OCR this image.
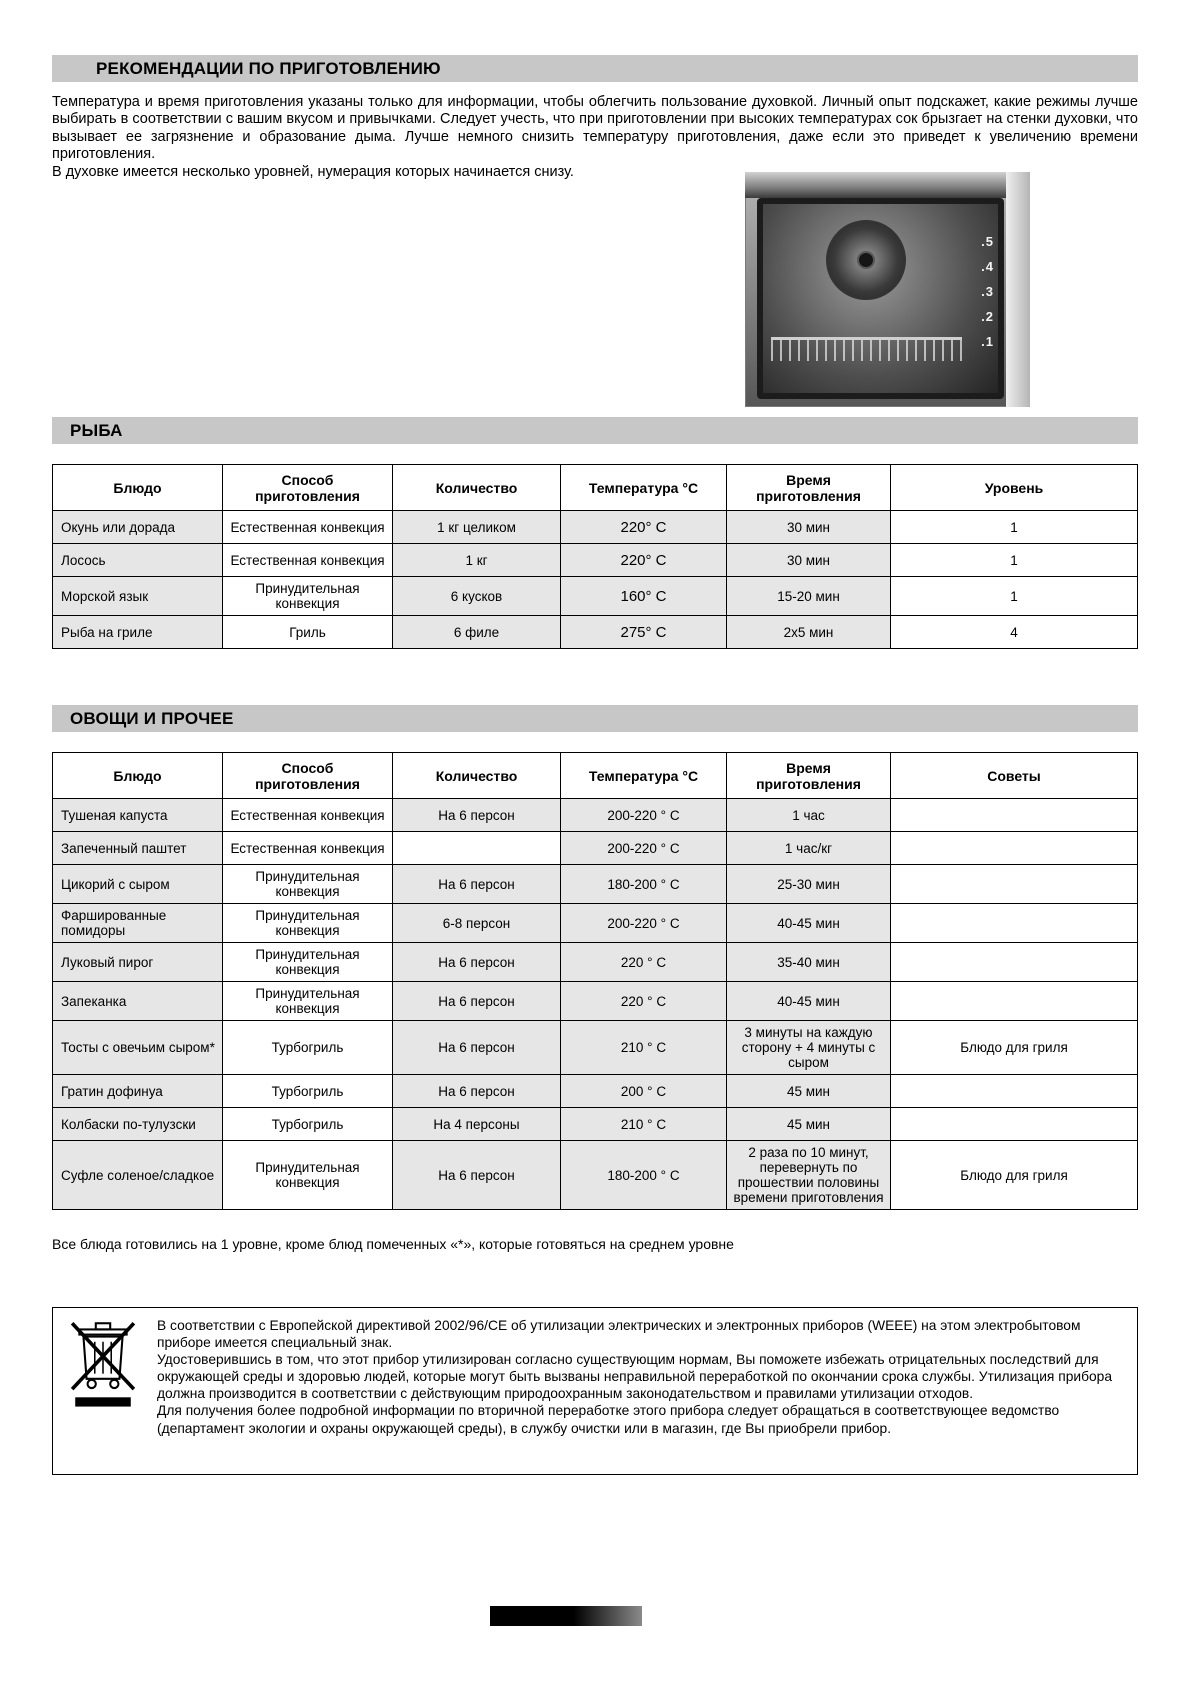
РЕКОМЕНДАЦИИ ПО ПРИГОТОВЛЕНИЮ

Температура и время приготовления указаны только для информации, чтобы облегчить пользование духовкой. Личный опыт подскажет, какие режимы лучше выбирать в соответствии с вашим вкусом и привычками. Следует учесть, что при приготовлении при высоких температурах сок брызгает на стенки духовки, что вызывает ее загрязнение и образование дыма. Лучше немного снизить температуру приготовления, даже если это приведет к увеличению времени приготовления.

В духовке имеется несколько уровней, нумерация которых начинается снизу.

. 5
. 4
. 3
. 2
. 1
РЫБА
Блюдо	Способ приготовления	Количество	Температура °C	Время приготовления	Уровень
Окунь или дорада	Естественная конвекция	1 кг целиком	220° C	30 мин	1
Лосось	Естественная конвекция	1 кг	220° C	30 мин	1
Морской язык	Принудительная конвекция	6 кусков	160° C	15-20 мин	1
Рыба на гриле	Гриль	6 филе	275° C	2х5 мин	4
ОВОЩИ И ПРОЧЕЕ
Блюдо	Способ приготовления	Количество	Температура °C	Время приготовления	Советы
Тушеная капуста	Естественная конвекция	На 6 персон	200-220 ° C	1 час	
Запеченный паштет	Естественная конвекция		200-220 ° C	1 час/кг	
Цикорий с сыром	Принудительная конвекция	На 6 персон	180-200 ° C	25-30 мин	
Фаршированные помидоры	Принудительная конвекция	6-8 персон	200-220 ° C	40-45 мин	
Луковый пирог	Принудительная конвекция	На 6 персон	220 ° C	35-40 мин	
Запеканка	Принудительная конвекция	На 6 персон	220 ° C	40-45 мин	
Тосты с овечьим сыром*	Турбогриль	На 6 персон	210 ° C	3 минуты на каждую сторону + 4 минуты с сыром	Блюдо для гриля
Гратин дофинуа	Турбогриль	На 6 персон	200 ° C	45 мин	
Колбаски по-тулузски	Турбогриль	На 4 персоны	210 ° C	45 мин	
Суфле соленое/сладкое	Принудительная конвекция	На 6 персон	180-200 ° C	2 раза по 10 минут, перевернуть по прошествии половины времени приготовления	Блюдо для гриля

Все блюда готовились на 1 уровне, кроме блюд помеченных «*», которые готовяться на среднем уровне

В соответствии с Европейской директивой 2002/96/СЕ об утилизации электрических и электронных приборов (WEEE) на этом электробытовом приборе имеется специальный знак.

Удостоверившись в том, что этот прибор утилизирован согласно существующим нормам, Вы поможете избежать отрицательных последствий для окружающей среды и здоровью людей, которые могут быть вызваны неправильной переработкой по окончании срока службы. Утилизация прибора должна производится в соответствии с действующим природоохранным законодательством и правилами утилизации отходов.

Для получения более подробной информации по вторичной переработке этого прибора следует обращаться в соответствующее ведомство (департамент экологии и охраны окружающей среды), в службу очистки или в магазин, где Вы приобрели прибор.
